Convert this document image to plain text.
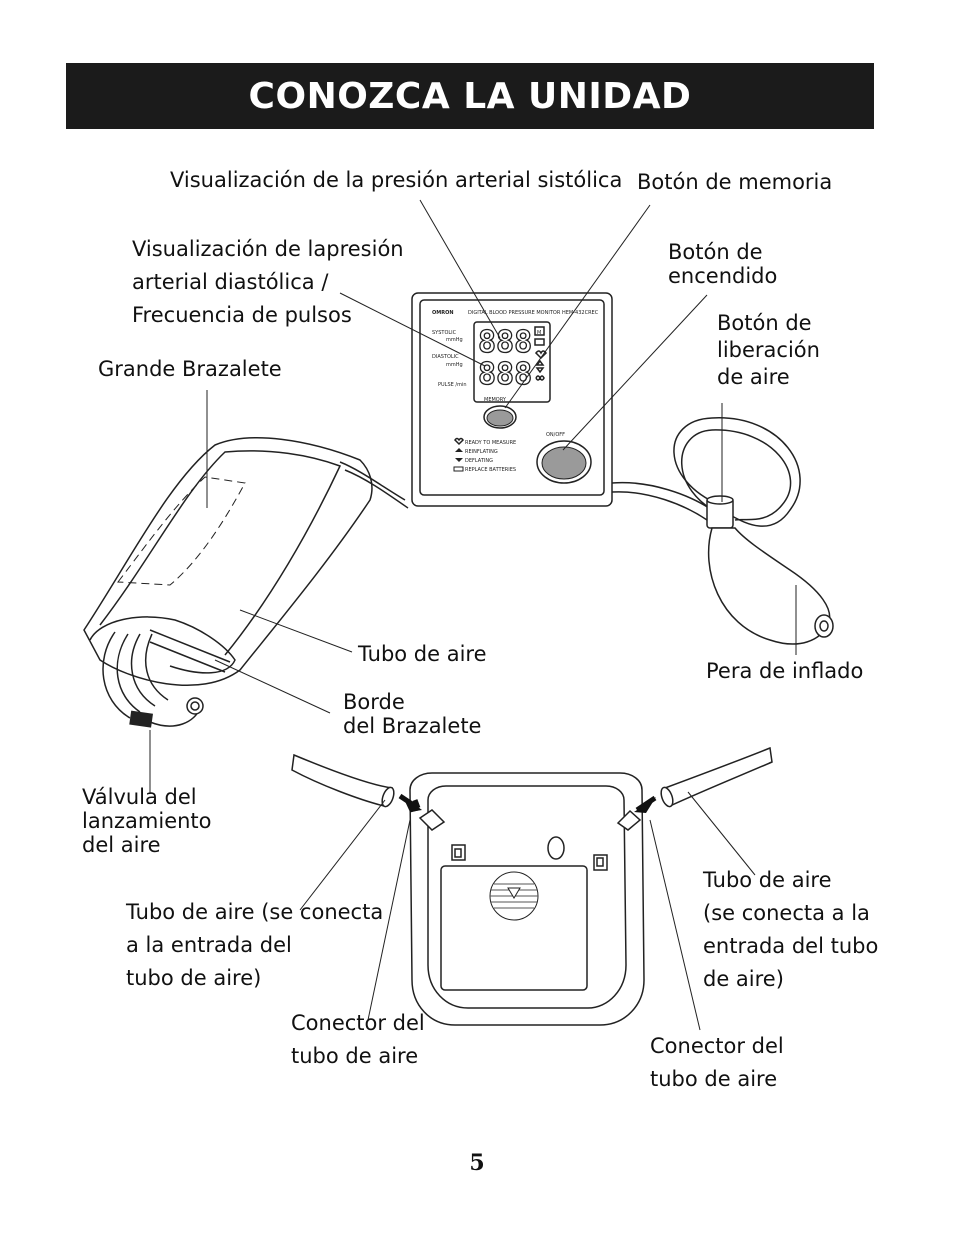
CONOZCA LA UNIDAD
OMRON	DIGITAL BLOOD PRESSURE MONITOR HEM-432CREC
SYSTOLIC
mmHg
DIASTOLIC
mmHg
PULSE /min
888
888
M
MEMORY
READY TO MEASURE
REINFLATING
DEFLATING
REPLACE BATTERIES
ON/OFF
Visualización de la presión arterial sistólica Botón de memoria
Visualización de lapresión
arterial diastólica /
Frecuencia de pulsos
Botón de
encendido
Botón de
liberación
de aire
Grande Brazalete
Tubo de aire
Pera de inflado
Borde
del Brazalete
Válvula del
lanzamiento
del aire
Tubo de aire (se conecta
a la entrada del
tubo de aire)
Tubo de aire
(se conecta a la
entrada del tubo
de aire)
Conector del
tubo de aire	Conector del
tubo de aire
5
